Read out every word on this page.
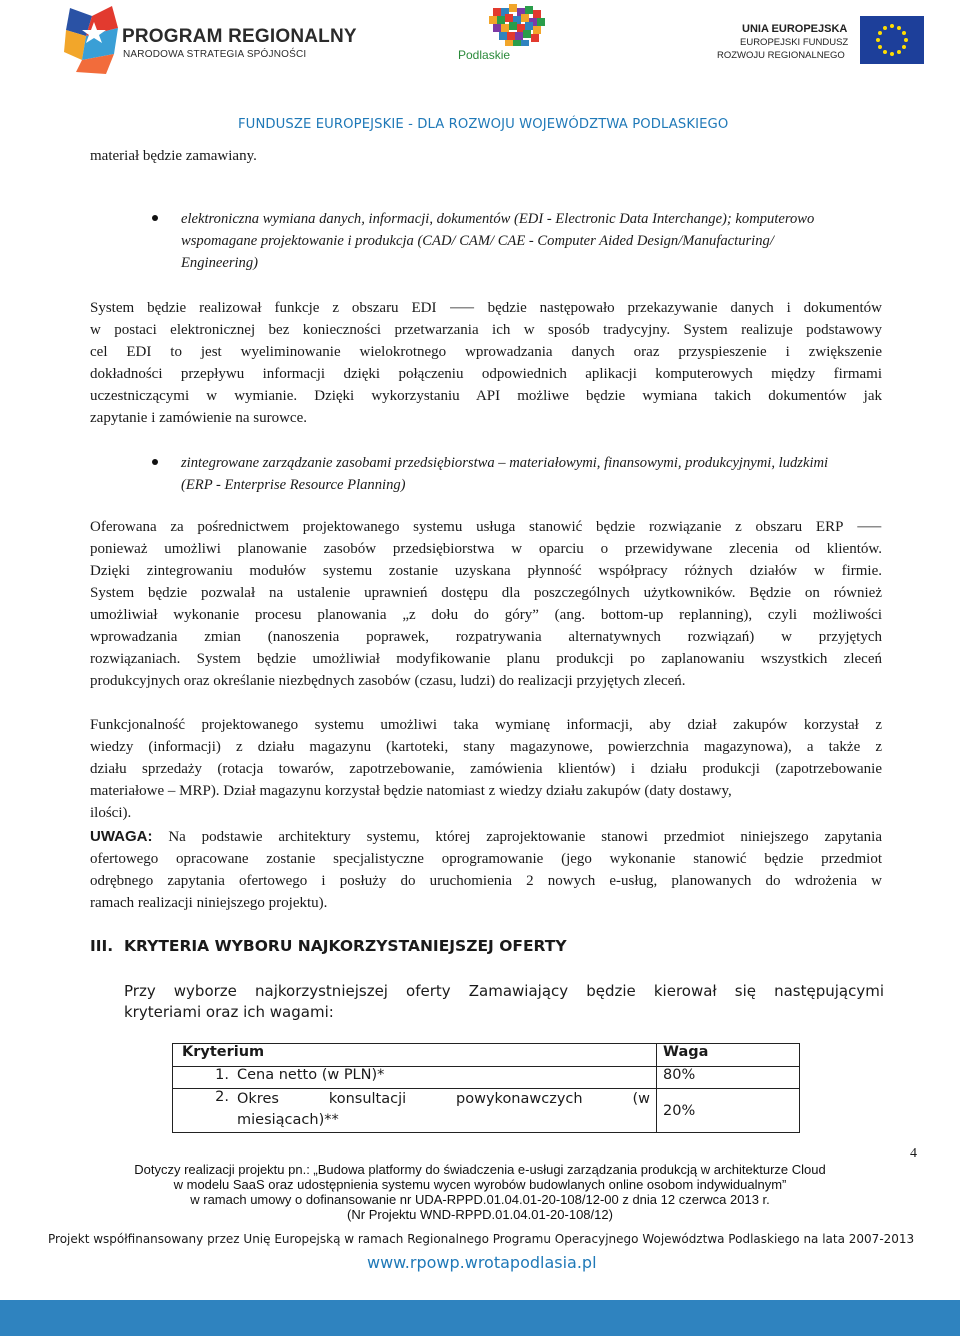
PROGRAM REGIONALNY
NARODOWA STRATEGIA SPÓJNOŚCI	Podlaskie
UNIA EUROPEJSKA
EUROPEJSKI FUNDUSZ
ROZWOJU REGIONALNEGO
FUNDUSZE EUROPEJSKIE - DLA ROZWOJU WOJEWÓDZTWA PODLASKIEGO
materiał będzie zamawiany.
elektroniczna wymiana danych, informacji, dokumentów (EDI - Electronic Data Interchange); komputerowo
wspomagane projektowanie i produkcja (CAD/ CAM/ CAE - Computer Aided Design/Manufacturing/
Engineering)
System będzie realizował funkcje z obszaru EDI ⸺ będzie następowało przekazywanie danych i dokumentów
w postaci elektronicznej bez konieczności przetwarzania ich w sposób tradycyjny. System realizuje podstawowy
cel EDI to jest wyeliminowanie wielokrotnego wprowadzania danych oraz przyspieszenie i zwiększenie
dokładności przepływu informacji dzięki połączeniu odpowiednich aplikacji komputerowych między firmami
uczestniczącymi w wymianie. Dzięki wykorzystaniu API możliwe będzie wymiana takich dokumentów jak
zapytanie i zamówienie na surowce.
zintegrowane zarządzanie zasobami przedsiębiorstwa – materiałowymi, finansowymi, produkcyjnymi, ludzkimi
(ERP - Enterprise Resource Planning)
Oferowana za pośrednictwem projektowanego systemu usługa stanowić będzie rozwiązanie z obszaru ERP ⸺
ponieważ umożliwi planowanie zasobów przedsiębiorstwa w oparciu o przewidywane zlecenia od klientów.
Dzięki zintegrowaniu modułów systemu zostanie uzyskana płynność współpracy różnych działów w firmie.
System będzie pozwalał na ustalenie uprawnień dostępu dla poszczególnych użytkowników. Będzie on również
umożliwiał wykonanie procesu planowania „z dołu do góry” (ang. bottom-up replanning), czyli możliwości
wprowadzania zmian (nanoszenia poprawek, rozpatrywania alternatywnych rozwiązań) w przyjętych
rozwiązaniach. System będzie umożliwiał modyfikowanie planu produkcji po zaplanowaniu wszystkich zleceń
produkcyjnych oraz określanie niezbędnych zasobów (czasu, ludzi) do realizacji przyjętych zleceń.
Funkcjonalność projektowanego systemu umożliwi taka wymianę informacji, aby dział zakupów korzystał z
wiedzy (informacji) z działu magazynu (kartoteki, stany magazynowe, powierzchnia magazynowa), a także z
działu sprzedaży (rotacja towarów, zapotrzebowanie, zamówienia klientów) i działu produkcji (zapotrzebowanie
materiałowe – MRP). Dział magazynu korzystał będzie natomiast z wiedzy działu zakupów (daty dostawy,
ilości).
UWAGA: Na podstawie architektury systemu, której zaprojektowanie stanowi przedmiot niniejszego zapytania
ofertowego opracowane zostanie specjalistyczne oprogramowanie (jego wykonanie stanowić będzie przedmiot
odrębnego zapytania ofertowego i posłuży do uruchomienia 2 nowych e-usług, planowanych do wdrożenia w
ramach realizacji niniejszego projektu).
III. KRYTERIA WYBORU NAJKORZYSTANIEJSZEJ OFERTY
Przy wyborze najkorzystniejszej oferty Zamawiający będzie kierował się następującymi
kryteriami oraz ich wagami:
Kryterium		Waga
1.	Cena netto (w PLN)*	80%
2.	Okres konsultacji powykonawczych (w
miesiącach)**	20%
4
Dotyczy realizacji projektu pn.: „Budowa platformy do świadczenia e-usługi zarządzania produkcją w architekturze Cloud
w modelu SaaS oraz udostępnienia systemu wycen wyrobów budowlanych online osobom indywidualnym”
w ramach umowy o dofinansowanie nr UDA-RPPD.01.04.01-20-108/12-00 z dnia 12 czerwca 2013 r.
(Nr Projektu WND-RPPD.01.04.01-20-108/12)
Projekt współfinansowany przez Unię Europejską w ramach Regionalnego Programu Operacyjnego Województwa Podlaskiego na lata 2007-2013
www.rpowp.wrotapodlasia.pl
